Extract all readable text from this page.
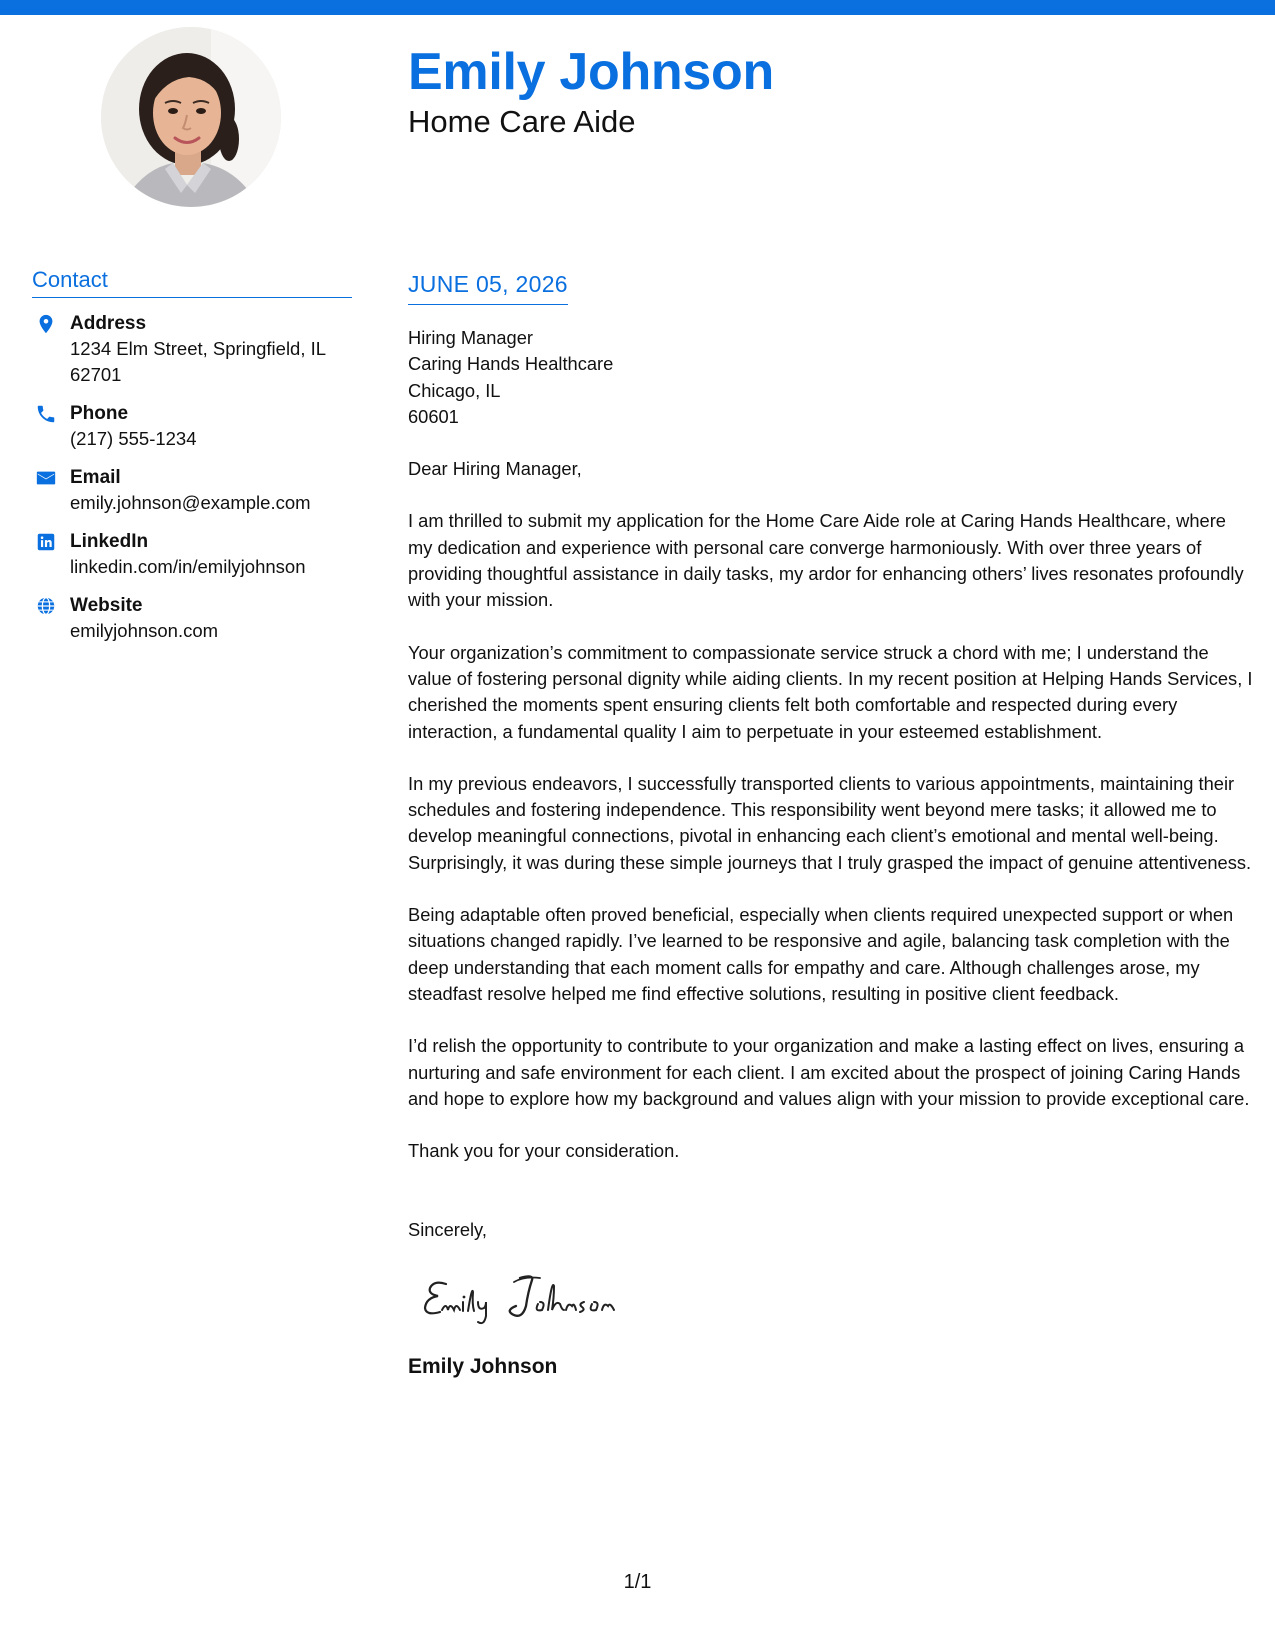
Emily Johnson
Home Care Aide
Contact
Address
1234 Elm Street, Springfield, IL
62701
Phone
(217) 555-1234
Email
emily.johnson@example.com
LinkedIn
linkedin.com/in/emilyjohnson
Website
emilyjohnson.com
JUNE 05, 2026
Hiring Manager
Caring Hands Healthcare
Chicago, IL
60601
Dear Hiring Manager,

I am thrilled to submit my application for the Home Care Aide role at Caring Hands Healthcare, where my dedication and experience with personal care converge harmoniously. With over three years of providing thoughtful assistance in daily tasks, my ardor for enhancing others’ lives resonates profoundly with your mission.

Your organization’s commitment to compassionate service struck a chord with me; I understand the value of fostering personal dignity while aiding clients. In my recent position at Helping Hands Services, I cherished the moments spent ensuring clients felt both comfortable and respected during every interaction, a fundamental quality I aim to perpetuate in your esteemed establishment.

In my previous endeavors, I successfully transported clients to various appointments, maintaining their schedules and fostering independence. This responsibility went beyond mere tasks; it allowed me to develop meaningful connections, pivotal in enhancing each client’s emotional and mental well-being. Surprisingly, it was during these simple journeys that I truly grasped the impact of genuine attentiveness.

Being adaptable often proved beneficial, especially when clients required unexpected support or when situations changed rapidly. I’ve learned to be responsive and agile, balancing task completion with the deep understanding that each moment calls for empathy and care. Although challenges arose, my steadfast resolve helped me find effective solutions, resulting in positive client feedback.

I’d relish the opportunity to contribute to your organization and make a lasting effect on lives, ensuring a nurturing and safe environment for each client. I am excited about the prospect of joining Caring Hands and hope to explore how my background and values align with your mission to provide exceptional care.

Thank you for your consideration.

Sincerely,
Emily Johnson
1/1
